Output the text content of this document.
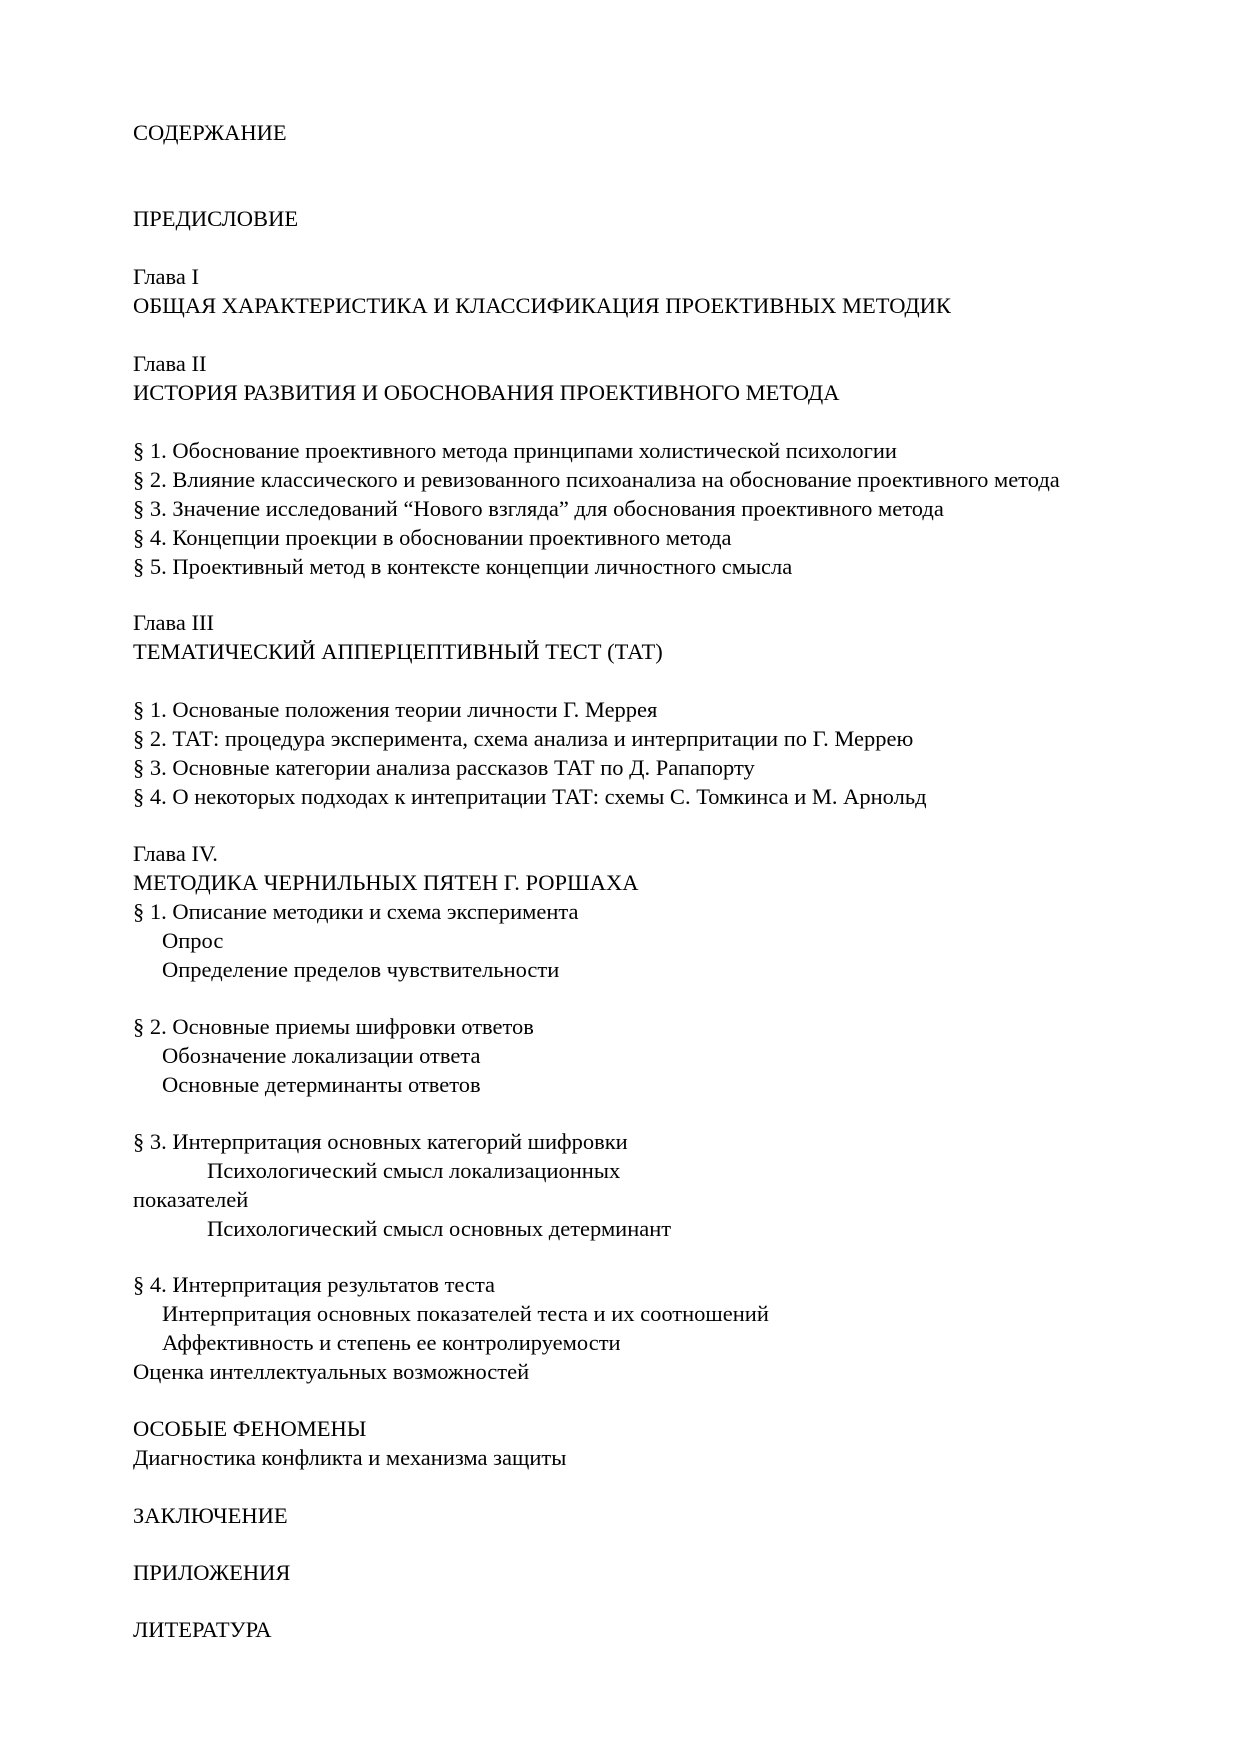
СОДЕРЖАНИЕ
ПРЕДИСЛОВИЕ
Глава I
ОБЩАЯ ХАРАКТЕРИСТИКА И КЛАССИФИКАЦИЯ ПРОЕКТИВНЫХ МЕТОДИК
Глава II
ИСТОРИЯ РАЗВИТИЯ И ОБОСНОВАНИЯ ПРОЕКТИВНОГО МЕТОДА
§ 1. Обоснование проективного метода принципами холистической психологии
§ 2. Влияние классического и ревизованного психоанализа на обоснование проективного метода
§ 3. Значение исследований “Нового взгляда” для обоснования проективного метода
§ 4. Концепции проекции в обосновании проективного метода
§ 5. Проективный метод в контексте концепции личностного смысла
Глава III
ТЕМАТИЧЕСКИЙ АППЕРЦЕПТИВНЫЙ ТЕСТ (ТАТ)
§ 1. Основаные положения теории личности Г. Меррея
§ 2. ТАТ: процедура эксперимента, схема анализа и интерпритации по Г. Меррею
§ 3. Основные категории анализа рассказов ТАТ по Д. Рапапорту
§ 4. О некоторых подходах к интепритации ТАТ: схемы С. Томкинса и М. Арнольд
Глава IV.
МЕТОДИКА ЧЕРНИЛЬНЫХ ПЯТЕН Г. РОРШАХА
§ 1. Описание методики и схема эксперимента
Опрос
Определение пределов чувствительности
§ 2. Основные приемы шифровки ответов
Обозначение локализации ответа
Основные детерминанты ответов
§ 3. Интерпритация основных категорий шифровки
Психологический смысл локализационных
показателей
Психологический смысл основных детерминант
§ 4. Интерпритация результатов теста
Интерпритация основных показателей теста и их соотношений
Аффективность и степень ее контролируемости
Оценка интеллектуальных возможностей
ОСОБЫЕ ФЕНОМЕНЫ
Диагностика конфликта и механизма защиты
ЗАКЛЮЧЕНИЕ
ПРИЛОЖЕНИЯ
ЛИТЕРАТУРА
